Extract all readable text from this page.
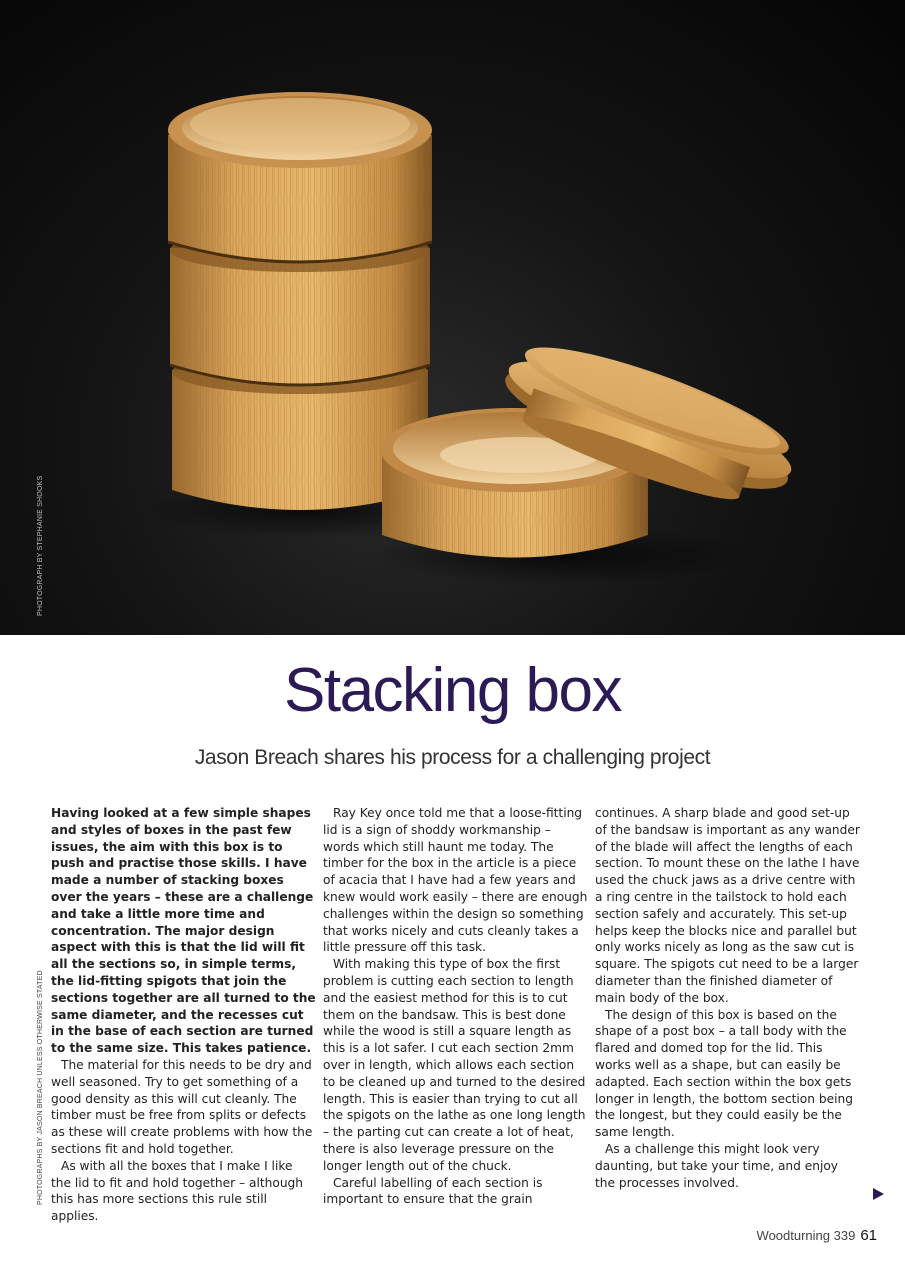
PHOTOGRAPH BY STEPHANIE SHOOKS
Stacking box
Jason Breach shares his process for a challenging project

Having looked at a few simple shapes and styles of boxes in the past few issues, the aim with this box is to push and practise those skills. I have made a number of stacking boxes over the years – these are a challenge and take a little more time and concentration. The major design aspect with this is that the lid will fit all the sections so, in simple terms, the lid-fitting spigots that join the sections together are all turned to the same diameter, and the recesses cut in the base of each section are turned to the same size. This takes patience.

The material for this needs to be dry and well seasoned. Try to get something of a good density as this will cut cleanly. The timber must be free from splits or defects as these will create problems with how the sections fit and hold together.

As with all the boxes that I make I like the lid to fit and hold together – although this has more sections this rule still applies.

Ray Key once told me that a loose-fitting lid is a sign of shoddy workmanship – words which still haunt me today. The timber for the box in the article is a piece of acacia that I have had a few years and knew would work easily – there are enough challenges within the design so something that works nicely and cuts cleanly takes a little pressure off this task.

With making this type of box the first problem is cutting each section to length and the easiest method for this is to cut them on the bandsaw. This is best done while the wood is still a square length as this is a lot safer. I cut each section 2mm over in length, which allows each section to be cleaned up and turned to the desired length. This is easier than trying to cut all the spigots on the lathe as one long length – the parting cut can create a lot of heat, there is also leverage pressure on the longer length out of the chuck.

Careful labelling of each section is important to ensure that the grain

continues. A sharp blade and good set-up of the bandsaw is important as any wander of the blade will affect the lengths of each section. To mount these on the lathe I have used the chuck jaws as a drive centre with a ring centre in the tailstock to hold each section safely and accurately. This set-up helps keep the blocks nice and parallel but only works nicely as long as the saw cut is square. The spigots cut need to be a larger diameter than the finished diameter of main body of the box.

The design of this box is based on the shape of a post box – a tall body with the flared and domed top for the lid. This works well as a shape, but can easily be adapted. Each section within the box gets longer in length, the bottom section being the longest, but they could easily be the same length.

As a challenge this might look very daunting, but take your time, and enjoy the processes involved.

PHOTOGRAPHS BY JASON BREACH UNLESS OTHERWISE STATED
Woodturning 339 61
